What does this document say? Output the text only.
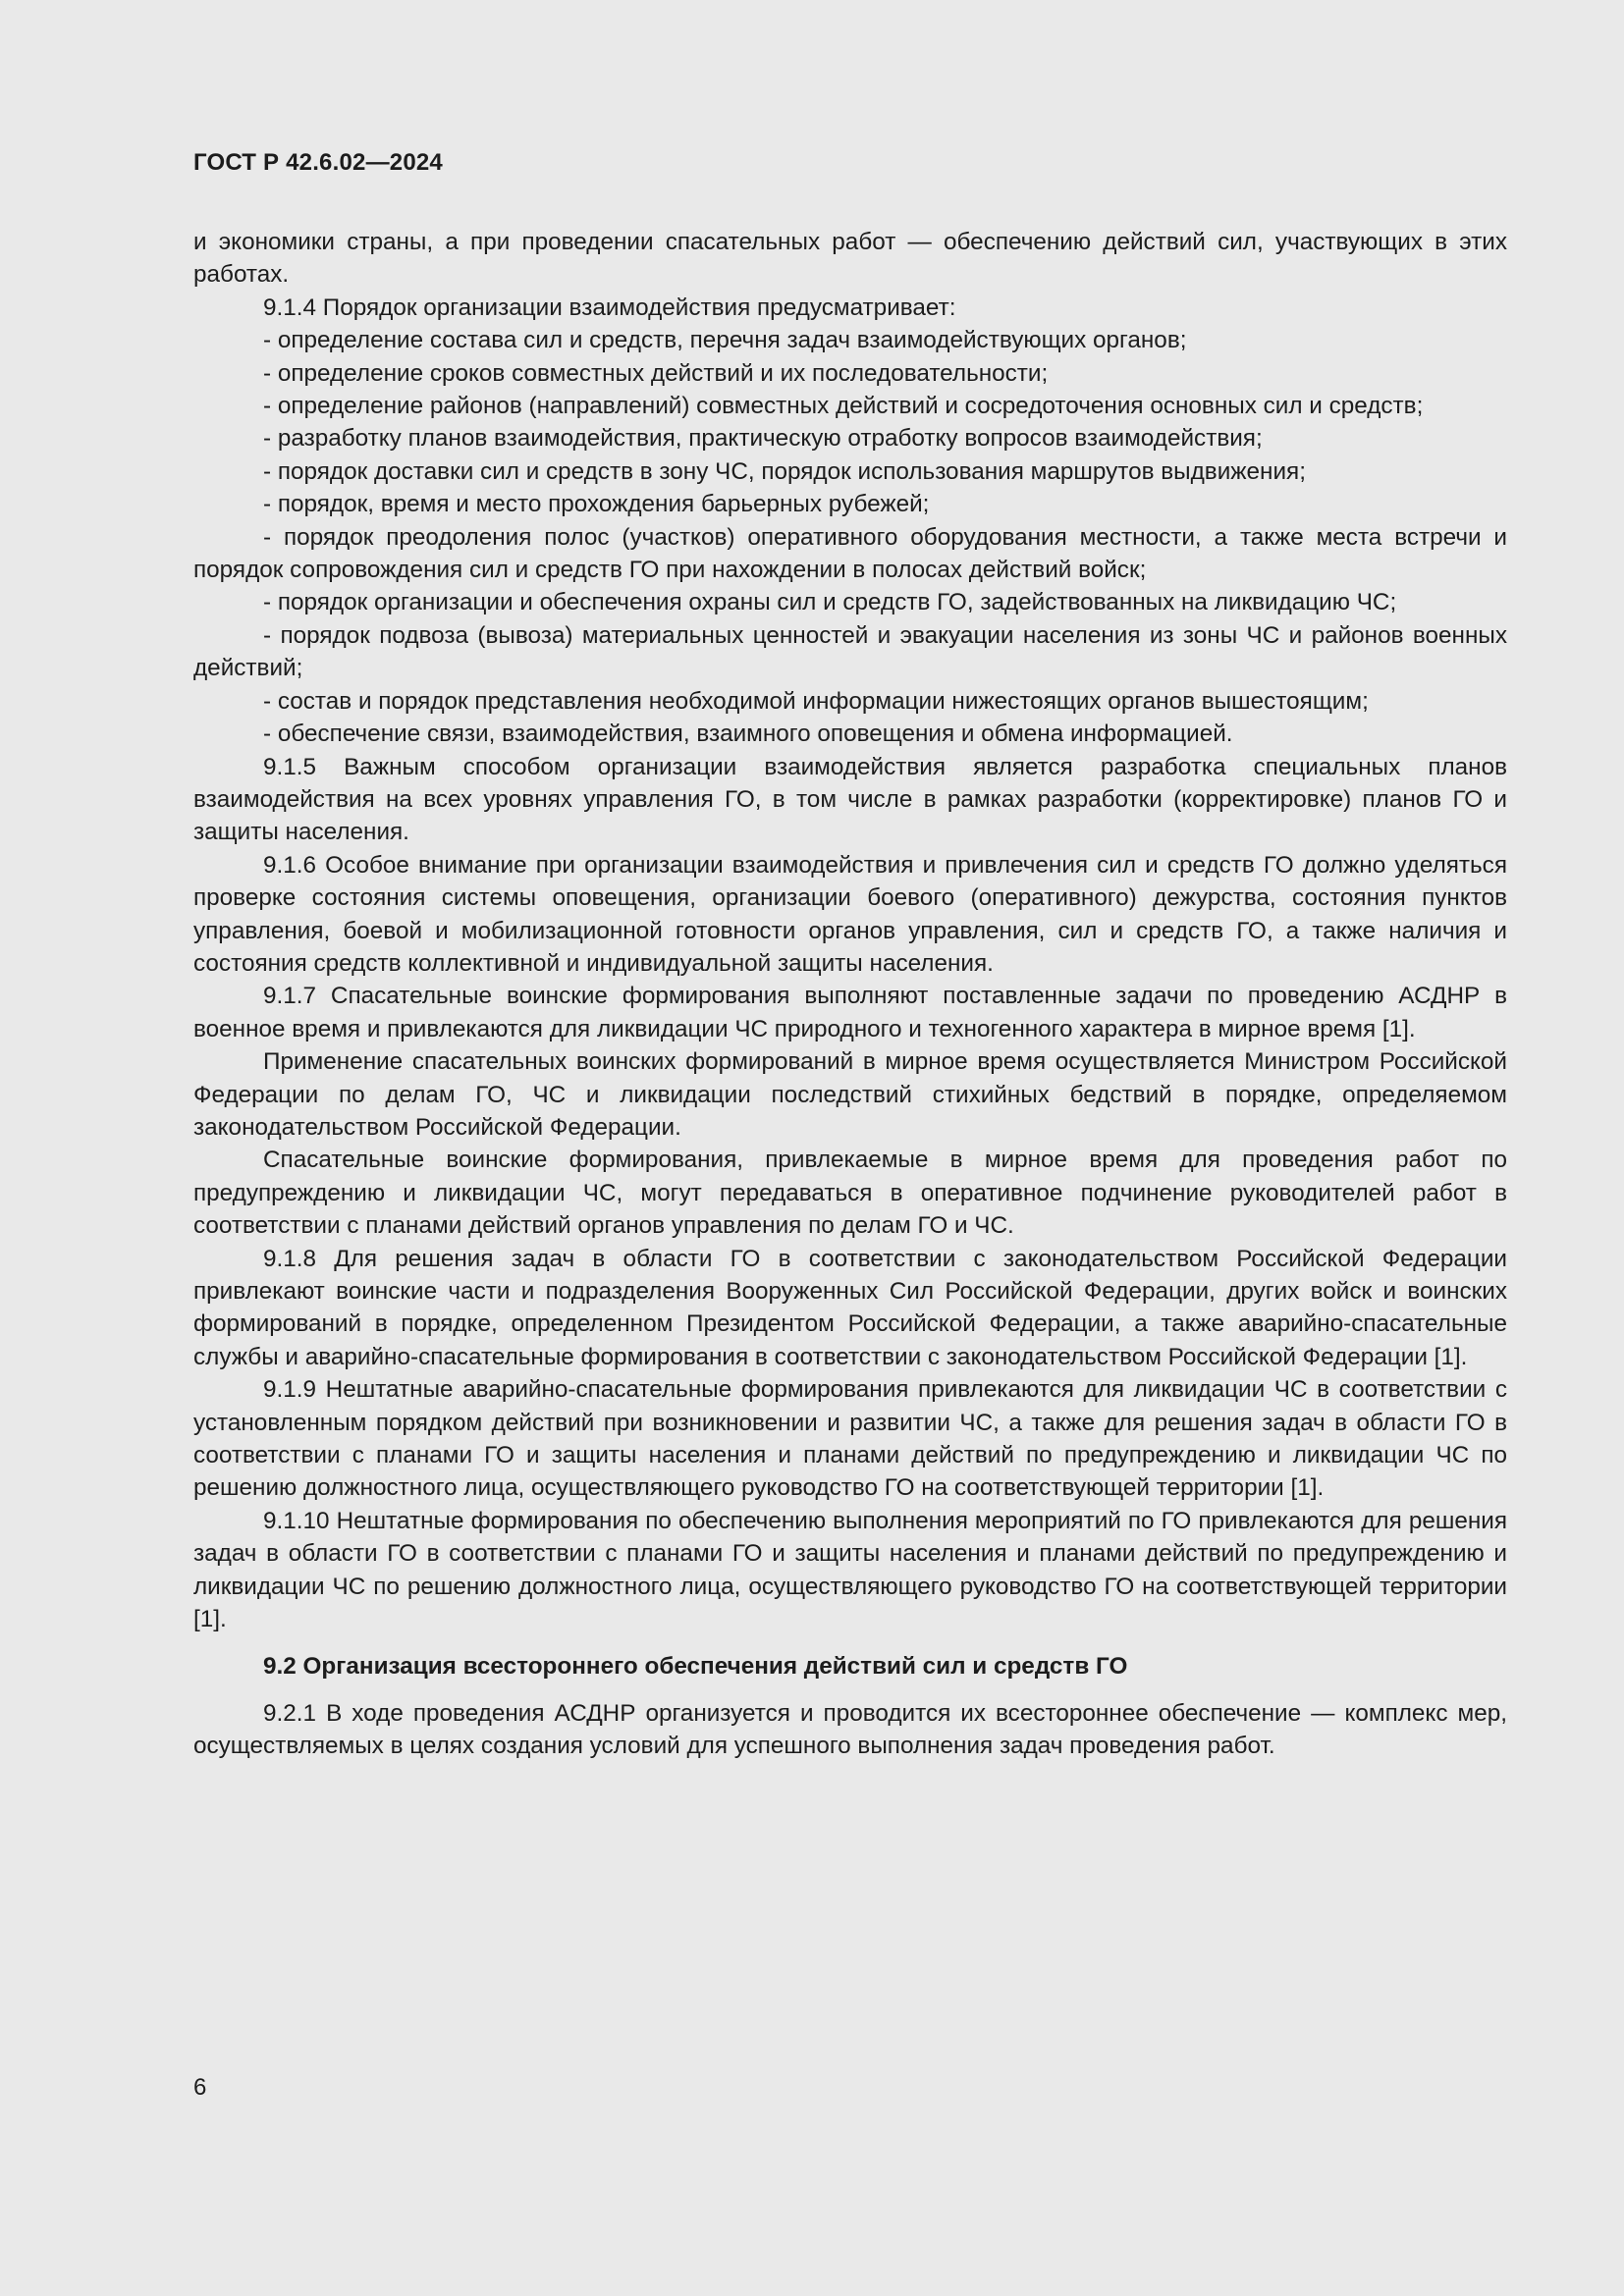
ГОСТ Р 42.6.02—2024

и экономики страны, а при проведении спасательных работ — обеспечению действий сил, участвующих в этих работах.

9.1.4 Порядок организации взаимодействия предусматривает:

- определение состава сил и средств, перечня задач взаимодействующих органов;

- определение сроков совместных действий и их последовательности;

- определение районов (направлений) совместных действий и сосредоточения основных сил и средств;

- разработку планов взаимодействия, практическую отработку вопросов взаимодействия;

- порядок доставки сил и средств в зону ЧС, порядок использования маршрутов выдвижения;

- порядок, время и место прохождения барьерных рубежей;

- порядок преодоления полос (участков) оперативного оборудования местности, а также места встречи и порядок сопровождения сил и средств ГО при нахождении в полосах действий войск;

- порядок организации и обеспечения охраны сил и средств ГО, задействованных на ликвидацию ЧС;

- порядок подвоза (вывоза) материальных ценностей и эвакуации населения из зоны ЧС и районов военных действий;

- состав и порядок представления необходимой информации нижестоящих органов вышестоящим;

- обеспечение связи, взаимодействия, взаимного оповещения и обмена информацией.

9.1.5 Важным способом организации взаимодействия является разработка специальных планов взаимодействия на всех уровнях управления ГО, в том числе в рамках разработки (корректировке) планов ГО и защиты населения.

9.1.6 Особое внимание при организации взаимодействия и привлечения сил и средств ГО должно уделяться проверке состояния системы оповещения, организации боевого (оперативного) дежурства, состояния пунктов управления, боевой и мобилизационной готовности органов управления, сил и средств ГО, а также наличия и состояния средств коллективной и индивидуальной защиты населения.

9.1.7 Спасательные воинские формирования выполняют поставленные задачи по проведению АСДНР в военное время и привлекаются для ликвидации ЧС природного и техногенного характера в мирное время [1].

Применение спасательных воинских формирований в мирное время осуществляется Министром Российской Федерации по делам ГО, ЧС и ликвидации последствий стихийных бедствий в порядке, определяемом законодательством Российской Федерации.

Спасательные воинские формирования, привлекаемые в мирное время для проведения работ по предупреждению и ликвидации ЧС, могут передаваться в оперативное подчинение руководителей работ в соответствии с планами действий органов управления по делам ГО и ЧС.

9.1.8 Для решения задач в области ГО в соответствии с законодательством Российской Федерации привлекают воинские части и подразделения Вооруженных Сил Российской Федерации, других войск и воинских формирований в порядке, определенном Президентом Российской Федерации, а также аварийно-спасательные службы и аварийно-спасательные формирования в соответствии с законодательством Российской Федерации [1].

9.1.9 Нештатные аварийно-спасательные формирования привлекаются для ликвидации ЧС в соответствии с установленным порядком действий при возникновении и развитии ЧС, а также для решения задач в области ГО в соответствии с планами ГО и защиты населения и планами действий по предупреждению и ликвидации ЧС по решению должностного лица, осуществляющего руководство ГО на соответствующей территории [1].

9.1.10 Нештатные формирования по обеспечению выполнения мероприятий по ГО привлекаются для решения задач в области ГО в соответствии с планами ГО и защиты населения и планами действий по предупреждению и ликвидации ЧС по решению должностного лица, осуществляющего руководство ГО на соответствующей территории [1].

9.2 Организация всестороннего обеспечения действий сил и средств ГО

9.2.1 В ходе проведения АСДНР организуется и проводится их всестороннее обеспечение — комплекс мер, осуществляемых в целях создания условий для успешного выполнения задач проведения работ.

6
